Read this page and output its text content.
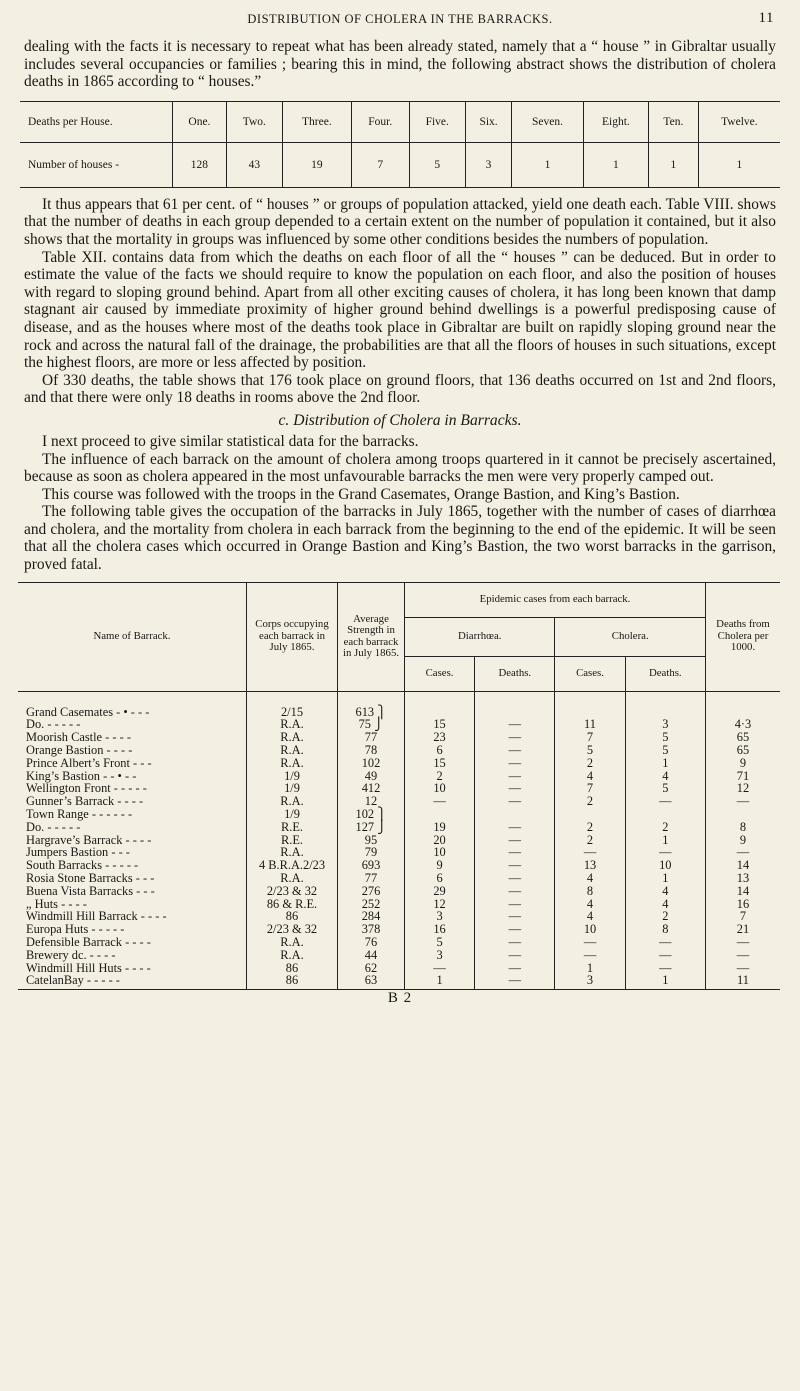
DISTRIBUTION OF CHOLERA IN THE BARRACKS.	11

dealing with the facts it is necessary to repeat what has been already stated, namely that a “ house ” in Gibraltar usually includes several occupancies or families ; bearing this in mind, the following abstract shows the distribution of cholera deaths in 1865 according to “ houses.”

Deaths per House.	One.	Two.	Three.	Four.	Five.	Six.	Seven.	Eight.	Ten.	Twelve.
Number of houses -	128	43	19	7	5	3	1	1	1	1

It thus appears that 61 per cent. of “ houses ” or groups of population attacked, yield one death each. Table VIII. shows that the number of deaths in each group depended to a certain extent on the number of population it contained, but it also shows that the mortality in groups was influenced by some other conditions besides the numbers of population.

Table XII. contains data from which the deaths on each floor of all the “ houses ” can be deduced. But in order to estimate the value of the facts we should require to know the population on each floor, and also the position of houses with regard to sloping ground behind. Apart from all other exciting causes of cholera, it has long been known that damp stagnant air caused by immediate proximity of higher ground behind dwellings is a powerful predisposing cause of disease, and as the houses where most of the deaths took place in Gibraltar are built on rapidly sloping ground near the rock and across the natural fall of the drainage, the probabilities are that all the floors of houses in such situations, except the highest floors, are more or less affected by position.

Of 330 deaths, the table shows that 176 took place on ground floors, that 136 deaths occurred on 1st and 2nd floors, and that there were only 18 deaths in rooms above the 2nd floor.

c. Distribution of Cholera in Barracks.

I next proceed to give similar statistical data for the barracks.

The influence of each barrack on the amount of cholera among troops quartered in it cannot be precisely ascertained, because as soon as cholera appeared in the most unfavourable barracks the men were very properly camped out.

This course was followed with the troops in the Grand Casemates, Orange Bastion, and King’s Bastion.

The following table gives the occupation of the barracks in July 1865, together with the number of cases of diarrhœa and cholera, and the mortality from cholera in each barrack from the beginning to the end of the epidemic. It will be seen that all the cholera cases which occurred in Orange Bastion and King’s Bastion, the two worst barracks in the garrison, proved fatal.

Name of Barrack.	Corps occupying each barrack in July 1865.	Average Strength in each barrack in July 1865.	Epidemic cases from each barrack.				Deaths from Cholera per 1000.
			Diarrhœa.		Cholera.		
			Cases.	Deaths.	Cases.	Deaths.	
Grand Casemates - • - - -	2/15	613 ⎫					
Do. - - - - -	R.A.	75 ⎭	15	—	11	3	4·3
Moorish Castle - - - -	R.A.	77	23	—	7	5	65
Orange Bastion - - - -	R.A.	78	6	—	5	5	65
Prince Albert’s Front - - -	R.A.	102	15	—	2	1	9
King’s Bastion - - • - -	1/9	49	2	—	4	4	71
Wellington Front - - - - -	1/9	412	10	—	7	5	12
Gunner’s Barrack - - - -	R.A.	12	—	—	2	—	—
Town Range - - - - - -	1/9	102 ⎫					
Do. - - - - -	R.E.	127 ⎭	19	—	2	2	8
Hargrave’s Barrack - - - -	R.E.	95	20	—	2	1	9
Jumpers Bastion - - -	R.A.	79	10	—	—	—	—
South Barracks - - - - -	4 B.R.A.2/23	693	9	—	13	10	14
Rosia Stone Barracks - - -	R.A.	77	6	—	4	1	13
Buena Vista Barracks - - -	2/23 & 32	276	29	—	8	4	14
„ Huts - - - -	86 & R.E.	252	12	—	4	4	16
Windmill Hill Barrack - - - -	86	284	3	—	4	2	7
Europa Huts - - - - -	2/23 & 32	378	16	—	10	8	21
Defensible Barrack - - - -	R.A.	76	5	—	—	—	—
Brewery dc. - - - -	R.A.	44	3	—	—	—	—
Windmill Hill Huts - - - -	86	62	—	—	1	—	—
CatelanBay - - - - -	86	63	1	—	3	1	11
B 2
